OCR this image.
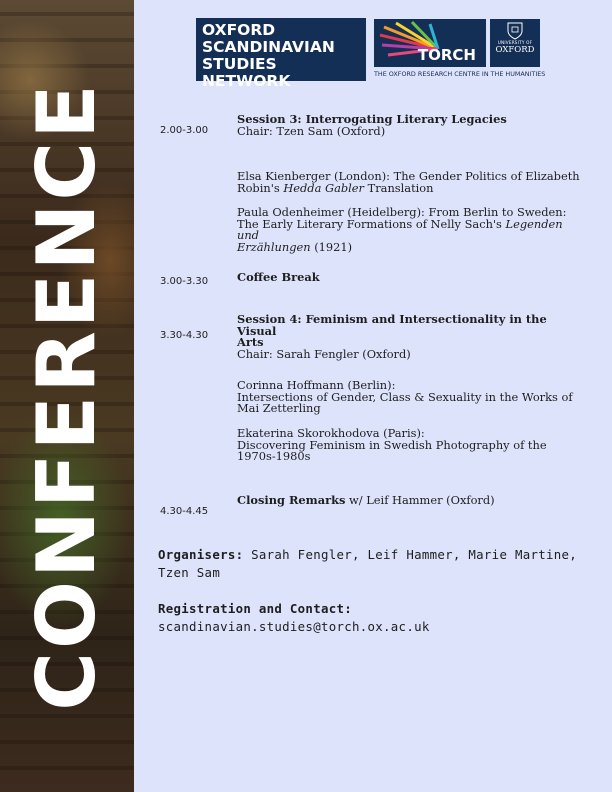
CONFERENCE
OXFORD
SCANDINAVIAN
STUDIES NETWORK
TORCH
THE OXFORD RESEARCH CENTRE IN THE HUMANITIES
UNIVERSITY OF
OXFORD
2.00-3.00
Session 3: Interrogating Literary Legacies
Chair: Tzen Sam (Oxford)
Elsa Kienberger (London): The Gender Politics of Elizabeth
Robin's Hedda Gabler Translation
Paula Odenheimer (Heidelberg): From Berlin to Sweden:
The Early Literary Formations of Nelly Sach's Legenden und
Erzählungen (1921)
3.00-3.30	Coffee Break
3.30-4.30
Session 4: Feminism and Intersectionality in the Visual
Arts
Chair: Sarah Fengler (Oxford)
Corinna Hoffmann (Berlin):
Intersections of Gender, Class & Sexuality in the Works of
Mai Zetterling
Ekaterina Skorokhodova (Paris):
Discovering Feminism in Swedish Photography of the
1970s-1980s
4.30-4.45
Closing Remarks w/ Leif Hammer (Oxford)
Organisers: Sarah Fengler, Leif Hammer, Marie Martine,
Tzen Sam
Registration and Contact:
scandinavian.studies@torch.ox.ac.uk
